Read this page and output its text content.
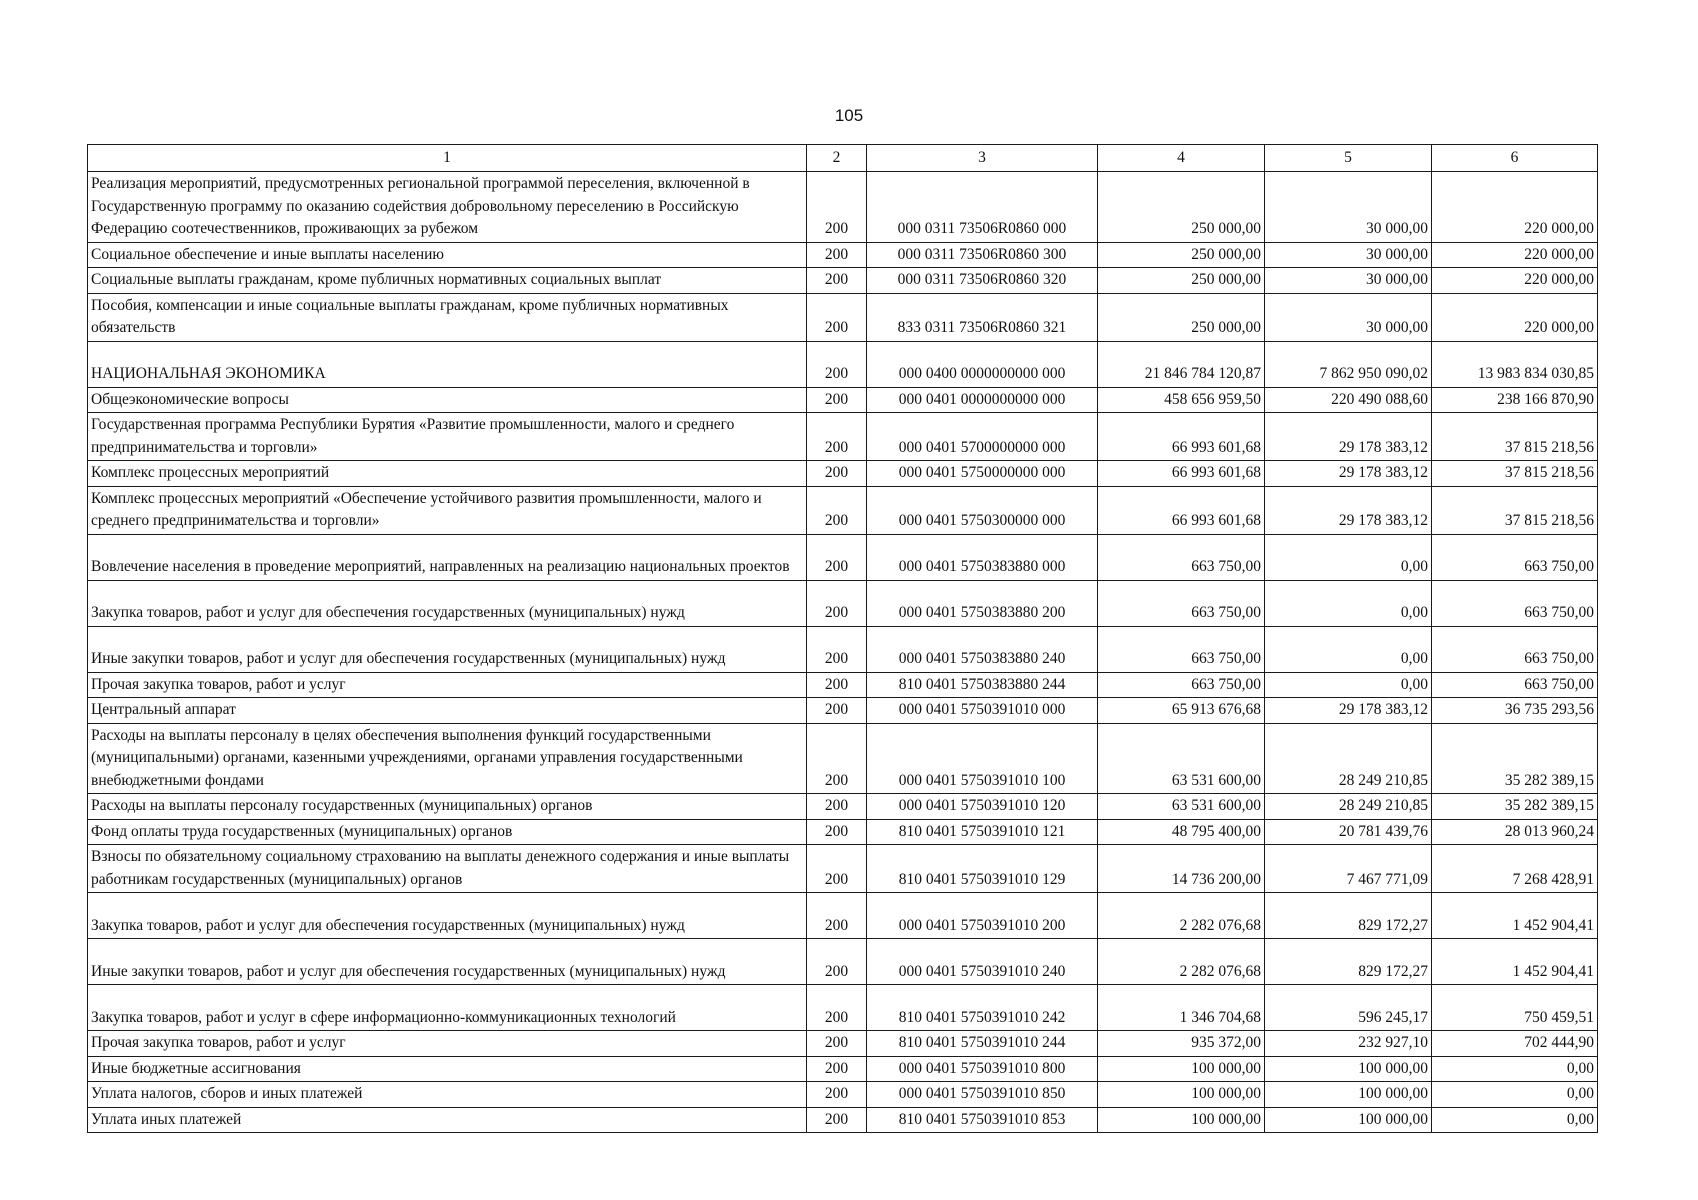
105
1	2	3	4	5	6
Реализация мероприятий, предусмотренных региональной программой переселения, включенной в Государственную программу по оказанию содействия добровольному переселению в Российскую Федерацию соотечественников, проживающих за рубежом	200	000 0311 73506R0860 000	250 000,00	30 000,00	220 000,00
Социальное обеспечение и иные выплаты населению	200	000 0311 73506R0860 300	250 000,00	30 000,00	220 000,00
Социальные выплаты гражданам, кроме публичных нормативных социальных выплат	200	000 0311 73506R0860 320	250 000,00	30 000,00	220 000,00
Пособия, компенсации и иные социальные выплаты гражданам, кроме публичных нормативных обязательств	200	833 0311 73506R0860 321	250 000,00	30 000,00	220 000,00
НАЦИОНАЛЬНАЯ ЭКОНОМИКА	200	000 0400 0000000000 000	21 846 784 120,87	7 862 950 090,02	13 983 834 030,85
Общеэкономические вопросы	200	000 0401 0000000000 000	458 656 959,50	220 490 088,60	238 166 870,90
Государственная программа Республики Бурятия «Развитие промышленности, малого и среднего предпринимательства и торговли»	200	000 0401 5700000000 000	66 993 601,68	29 178 383,12	37 815 218,56
Комплекс процессных мероприятий	200	000 0401 5750000000 000	66 993 601,68	29 178 383,12	37 815 218,56
Комплекс процессных мероприятий «Обеспечение устойчивого развития промышленности, малого и среднего предпринимательства и торговли»	200	000 0401 5750300000 000	66 993 601,68	29 178 383,12	37 815 218,56
Вовлечение населения в проведение мероприятий, направленных на реализацию национальных проектов	200	000 0401 5750383880 000	663 750,00	0,00	663 750,00
Закупка товаров, работ и услуг для обеспечения государственных (муниципальных) нужд	200	000 0401 5750383880 200	663 750,00	0,00	663 750,00
Иные закупки товаров, работ и услуг для обеспечения государственных (муниципальных) нужд	200	000 0401 5750383880 240	663 750,00	0,00	663 750,00
Прочая закупка товаров, работ и услуг	200	810 0401 5750383880 244	663 750,00	0,00	663 750,00
Центральный аппарат	200	000 0401 5750391010 000	65 913 676,68	29 178 383,12	36 735 293,56
Расходы на выплаты персоналу в целях обеспечения выполнения функций государственными (муниципальными) органами, казенными учреждениями, органами управления государственными внебюджетными фондами	200	000 0401 5750391010 100	63 531 600,00	28 249 210,85	35 282 389,15
Расходы на выплаты персоналу государственных (муниципальных) органов	200	000 0401 5750391010 120	63 531 600,00	28 249 210,85	35 282 389,15
Фонд оплаты труда государственных (муниципальных) органов	200	810 0401 5750391010 121	48 795 400,00	20 781 439,76	28 013 960,24
Взносы по обязательному социальному страхованию на выплаты денежного содержания и иные выплаты работникам государственных (муниципальных) органов	200	810 0401 5750391010 129	14 736 200,00	7 467 771,09	7 268 428,91
Закупка товаров, работ и услуг для обеспечения государственных (муниципальных) нужд	200	000 0401 5750391010 200	2 282 076,68	829 172,27	1 452 904,41
Иные закупки товаров, работ и услуг для обеспечения государственных (муниципальных) нужд	200	000 0401 5750391010 240	2 282 076,68	829 172,27	1 452 904,41
Закупка товаров, работ и услуг в сфере информационно-коммуникационных технологий	200	810 0401 5750391010 242	1 346 704,68	596 245,17	750 459,51
Прочая закупка товаров, работ и услуг	200	810 0401 5750391010 244	935 372,00	232 927,10	702 444,90
Иные бюджетные ассигнования	200	000 0401 5750391010 800	100 000,00	100 000,00	0,00
Уплата налогов, сборов и иных платежей	200	000 0401 5750391010 850	100 000,00	100 000,00	0,00
Уплата иных платежей	200	810 0401 5750391010 853	100 000,00	100 000,00	0,00
